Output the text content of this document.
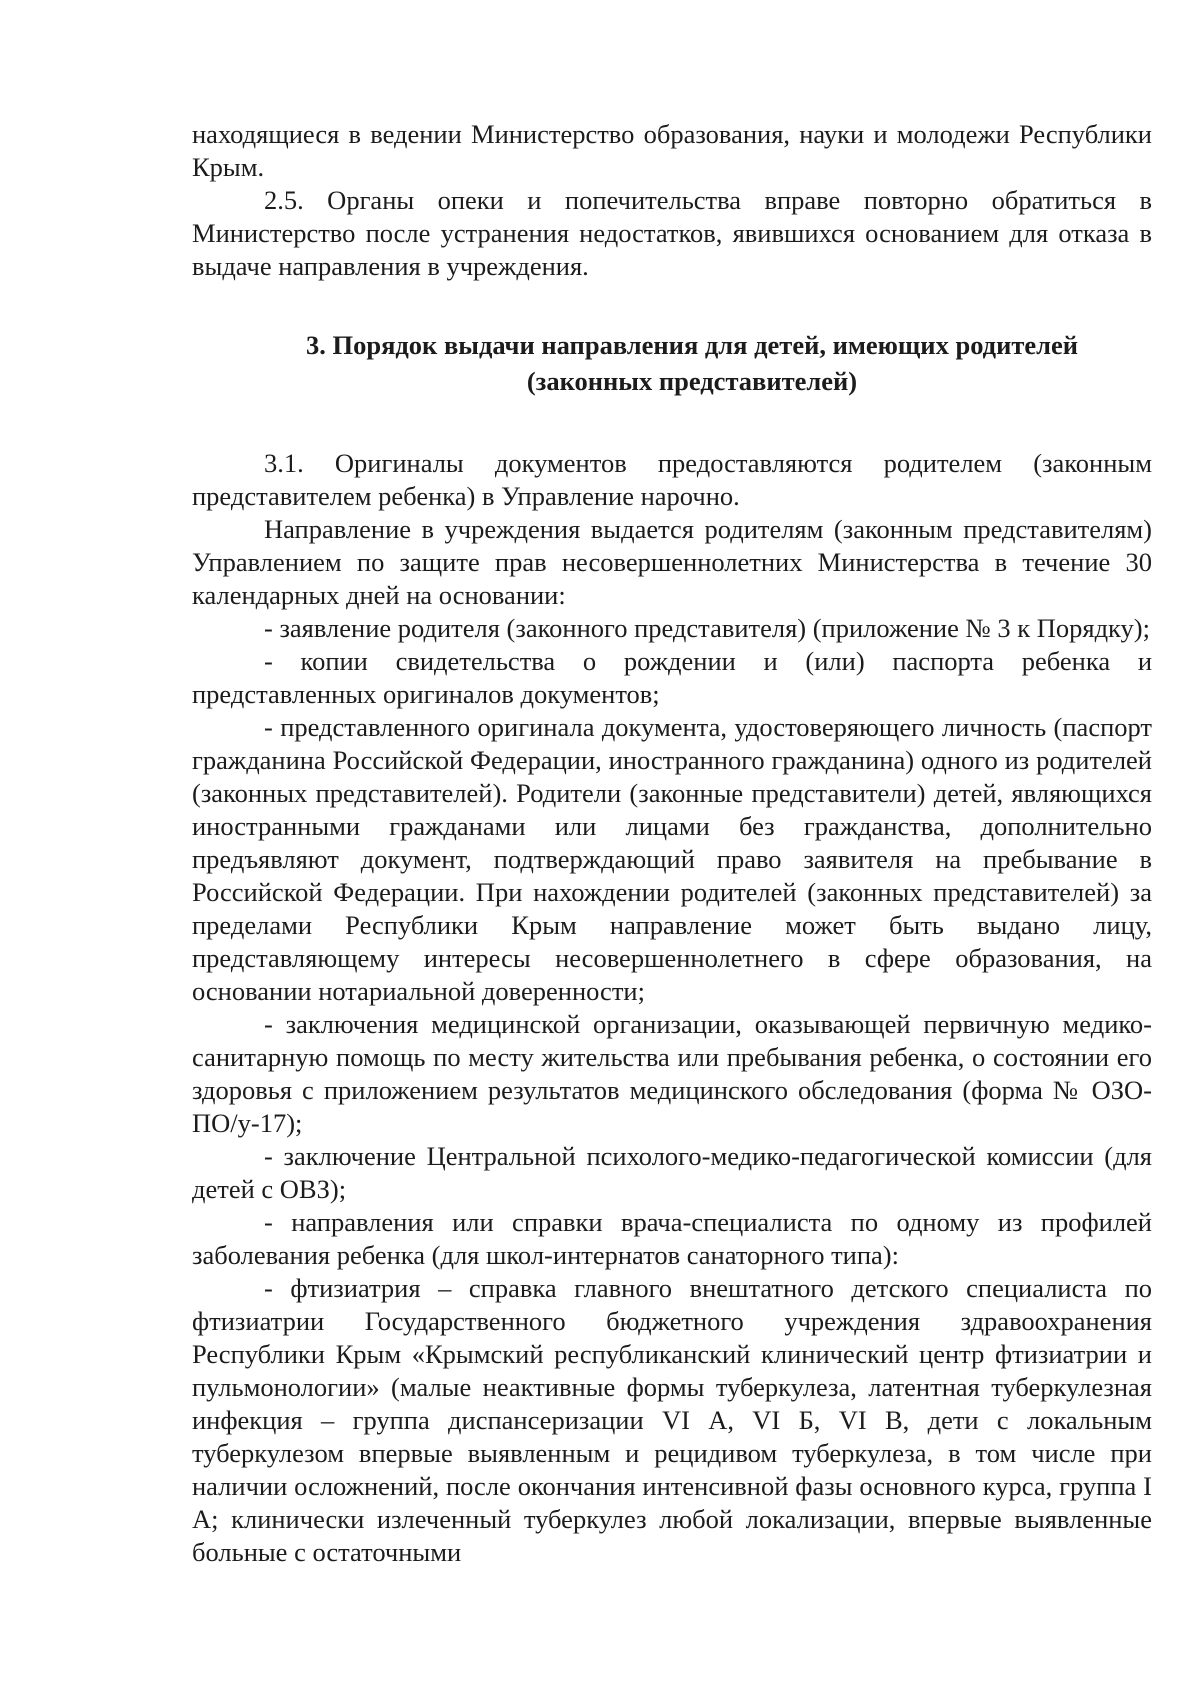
находящиеся в ведении Министерство образования, науки и молодежи Республики Крым.

2.5. Органы опеки и попечительства вправе повторно обратиться в Министерство после устранения недостатков, явившихся основанием для отказа в выдаче направления в учреждения.

3. Порядок выдачи направления для детей, имеющих родителей
(законных представителей)

3.1. Оригиналы документов предоставляются родителем (законным представителем ребенка) в Управление нарочно.

Направление в учреждения выдается родителям (законным представителям) Управлением по защите прав несовершеннолетних Министерства в течение 30 календарных дней на основании:

- заявление родителя (законного представителя) (приложение № 3 к Порядку);

- копии свидетельства о рождении и (или) паспорта ребенка и представленных оригиналов документов;

- представленного оригинала документа, удостоверяющего личность (паспорт гражданина Российской Федерации, иностранного гражданина) одного из родителей (законных представителей). Родители (законные представители) детей, являющихся иностранными гражданами или лицами без гражданства, дополнительно предъявляют документ, подтверждающий право заявителя на пребывание в Российской Федерации. При нахождении родителей (законных представителей) за пределами Республики Крым направление может быть выдано лицу, представляющему интересы несовершеннолетнего в сфере образования, на основании нотариальной доверенности;

- заключения медицинской организации, оказывающей первичную медико-санитарную помощь по месту жительства или пребывания ребенка, о состоянии его здоровья с приложением результатов медицинского обследования (форма № ОЗО-ПО/у-17);

- заключение Центральной психолого-медико-педагогической комиссии (для детей с ОВЗ);

- направления или справки врача-специалиста по одному из профилей заболевания ребенка (для школ-интернатов санаторного типа):

- фтизиатрия – справка главного внештатного детского специалиста по фтизиатрии Государственного бюджетного учреждения здравоохранения Республики Крым «Крымский республиканский клинический центр фтизиатрии и пульмонологии» (малые неактивные формы туберкулеза, латентная туберкулезная инфекция – группа диспансеризации VI А, VI Б, VI В, дети с локальным туберкулезом впервые выявленным и рецидивом туберкулеза, в том числе при наличии осложнений, после окончания интенсивной фазы основного курса, группа I А; клинически излеченный туберкулез любой локализации, впервые выявленные больные с остаточными
